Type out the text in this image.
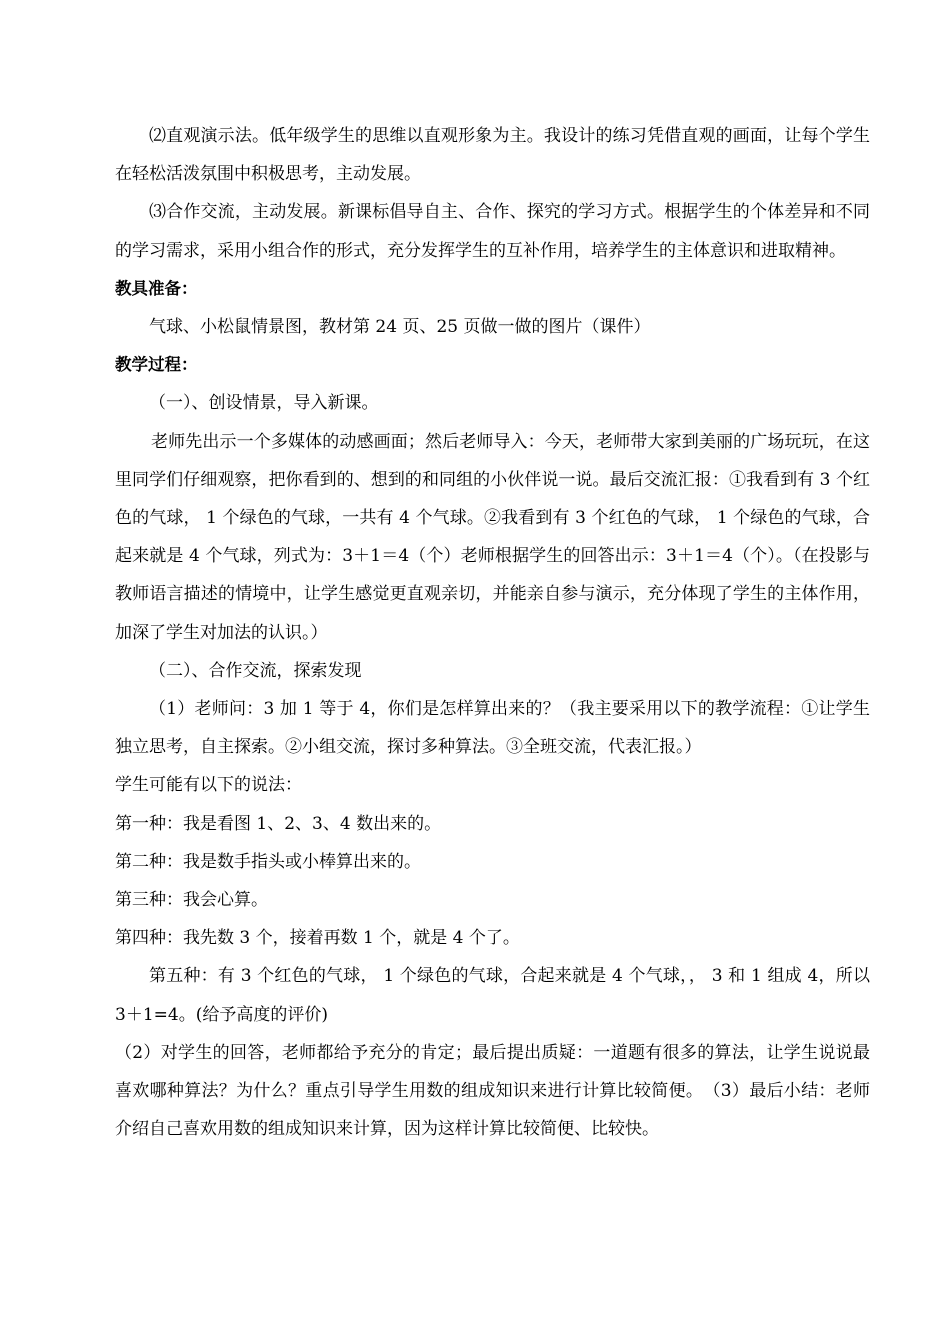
⑵直观演示法。低年级学生的思维以直观形象为主。我设计的练习凭借直观的画面，让每个学生在轻松活泼氛围中积极思考，主动发展。

⑶合作交流，主动发展。新课标倡导自主、合作、探究的学习方式。根据学生的个体差异和不同的学习需求，采用小组合作的形式，充分发挥学生的互补作用，培养学生的主体意识和进取精神。

教具准备：

气球、小松鼠情景图，教材第 24 页、25 页做一做的图片（课件）

教学过程：

（一）、创设情景，导入新课。

老师先出示一个多媒体的动感画面；然后老师导入：今天，老师带大家到美丽的广场玩玩，在这里同学们仔细观察，把你看到的、想到的和同组的小伙伴说一说。最后交流汇报：①我看到有 3 个红色的气球， 1 个绿色的气球，一共有 4 个气球。②我看到有 3 个红色的气球， 1 个绿色的气球，合起来就是 4 个气球，列式为：3＋1＝4（个）老师根据学生的回答出示：3＋1＝4（个）。（在投影与教师语言描述的情境中，让学生感觉更直观亲切，并能亲自参与演示，充分体现了学生的主体作用，加深了学生对加法的认识。）

（二）、合作交流，探索发现

（1）老师问：3 加 1 等于 4，你们是怎样算出来的？（我主要采用以下的教学流程：①让学生独立思考，自主探索。②小组交流，探讨多种算法。③全班交流，代表汇报。）

学生可能有以下的说法：

第一种：我是看图 1、2、3、4 数出来的。

第二种：我是数手指头或小棒算出来的。

第三种：我会心算。

第四种：我先数 3 个，接着再数 1 个，就是 4 个了。

第五种：有 3 个红色的气球， 1 个绿色的气球，合起来就是 4 个气球，， 3 和 1 组成 4，所以 3＋1=4。(给予高度的评价)

（2）对学生的回答，老师都给予充分的肯定；最后提出质疑：一道题有很多的算法，让学生说说最喜欢哪种算法？为什么？重点引导学生用数的组成知识来进行计算比较简便。　（3）最后小结：老师介绍自己喜欢用数的组成知识来计算，因为这样计算比较简便、比较快。
